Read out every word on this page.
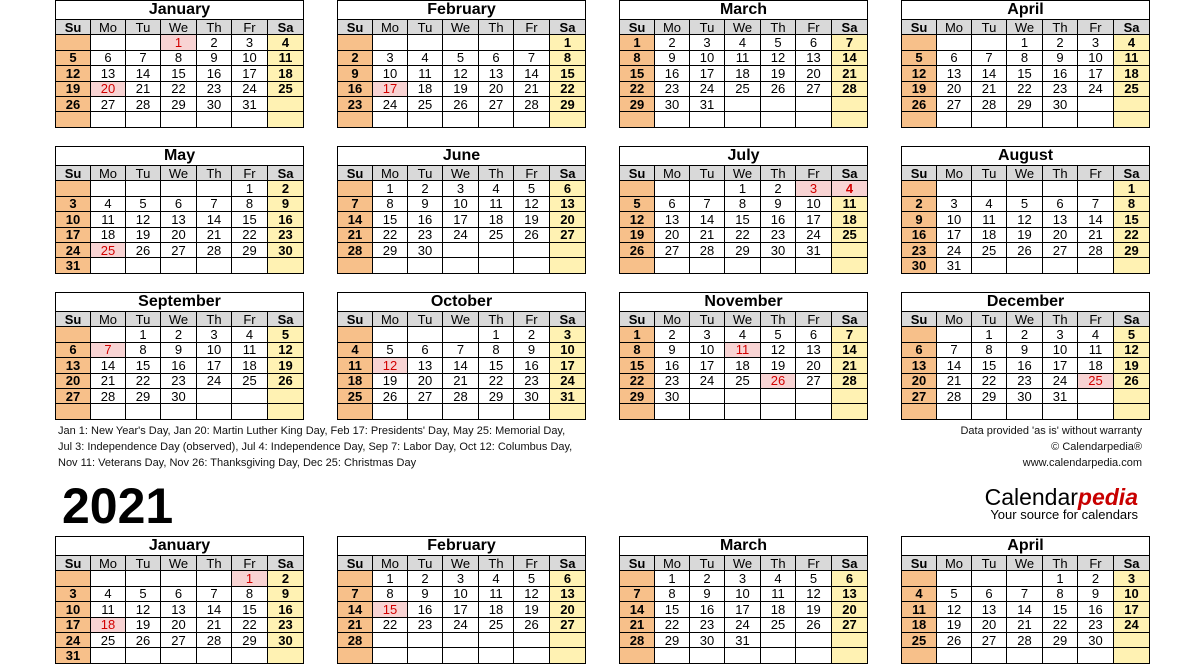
Jan 1: New Year's Day, Jan 20: Martin Luther King Day, Feb 17: Presidents' Day, May 25: Memorial Day,
Jul 3: Independence Day (observed), Jul 4: Independence Day, Sep 7: Labor Day, Oct 12: Columbus Day,
Nov 11: Veterans Day, Nov 26: Thanksgiving Day, Dec 25: Christmas Day
Data provided 'as is' without warranty
© Calendarpedia®
www.calendarpedia.com
2021	Calendarpedia
Your source for calendars
January						
Su	Mo	Tu	We	Th	Fr	Sa
			1	2	3	4
5	6	7	8	9	10	11
12	13	14	15	16	17	18
19	20	21	22	23	24	25
26	27	28	29	30	31	

February						
Su	Mo	Tu	We	Th	Fr	Sa
						1
2	3	4	5	6	7	8
9	10	11	12	13	14	15
16	17	18	19	20	21	22
23	24	25	26	27	28	29

March						
Su	Mo	Tu	We	Th	Fr	Sa
1	2	3	4	5	6	7
8	9	10	11	12	13	14
15	16	17	18	19	20	21
22	23	24	25	26	27	28
29	30	31				

April						
Su	Mo	Tu	We	Th	Fr	Sa
			1	2	3	4
5	6	7	8	9	10	11
12	13	14	15	16	17	18
19	20	21	22	23	24	25
26	27	28	29	30		

May						
Su	Mo	Tu	We	Th	Fr	Sa
					1	2
3	4	5	6	7	8	9
10	11	12	13	14	15	16
17	18	19	20	21	22	23
24	25	26	27	28	29	30
31						
June						
Su	Mo	Tu	We	Th	Fr	Sa
	1	2	3	4	5	6
7	8	9	10	11	12	13
14	15	16	17	18	19	20
21	22	23	24	25	26	27
28	29	30				

July						
Su	Mo	Tu	We	Th	Fr	Sa
			1	2	3	4
5	6	7	8	9	10	11
12	13	14	15	16	17	18
19	20	21	22	23	24	25
26	27	28	29	30	31	

August						
Su	Mo	Tu	We	Th	Fr	Sa
						1
2	3	4	5	6	7	8
9	10	11	12	13	14	15
16	17	18	19	20	21	22
23	24	25	26	27	28	29
30	31					
September						
Su	Mo	Tu	We	Th	Fr	Sa
		1	2	3	4	5
6	7	8	9	10	11	12
13	14	15	16	17	18	19
20	21	22	23	24	25	26
27	28	29	30			

October						
Su	Mo	Tu	We	Th	Fr	Sa
				1	2	3
4	5	6	7	8	9	10
11	12	13	14	15	16	17
18	19	20	21	22	23	24
25	26	27	28	29	30	31

November						
Su	Mo	Tu	We	Th	Fr	Sa
1	2	3	4	5	6	7
8	9	10	11	12	13	14
15	16	17	18	19	20	21
22	23	24	25	26	27	28
29	30					

December						
Su	Mo	Tu	We	Th	Fr	Sa
		1	2	3	4	5
6	7	8	9	10	11	12
13	14	15	16	17	18	19
20	21	22	23	24	25	26
27	28	29	30	31		

January						
Su	Mo	Tu	We	Th	Fr	Sa
					1	2
3	4	5	6	7	8	9
10	11	12	13	14	15	16
17	18	19	20	21	22	23
24	25	26	27	28	29	30
31						
February						
Su	Mo	Tu	We	Th	Fr	Sa
	1	2	3	4	5	6
7	8	9	10	11	12	13
14	15	16	17	18	19	20
21	22	23	24	25	26	27
28						

March						
Su	Mo	Tu	We	Th	Fr	Sa
	1	2	3	4	5	6
7	8	9	10	11	12	13
14	15	16	17	18	19	20
21	22	23	24	25	26	27
28	29	30	31			

April						
Su	Mo	Tu	We	Th	Fr	Sa
				1	2	3
4	5	6	7	8	9	10
11	12	13	14	15	16	17
18	19	20	21	22	23	24
25	26	27	28	29	30	
